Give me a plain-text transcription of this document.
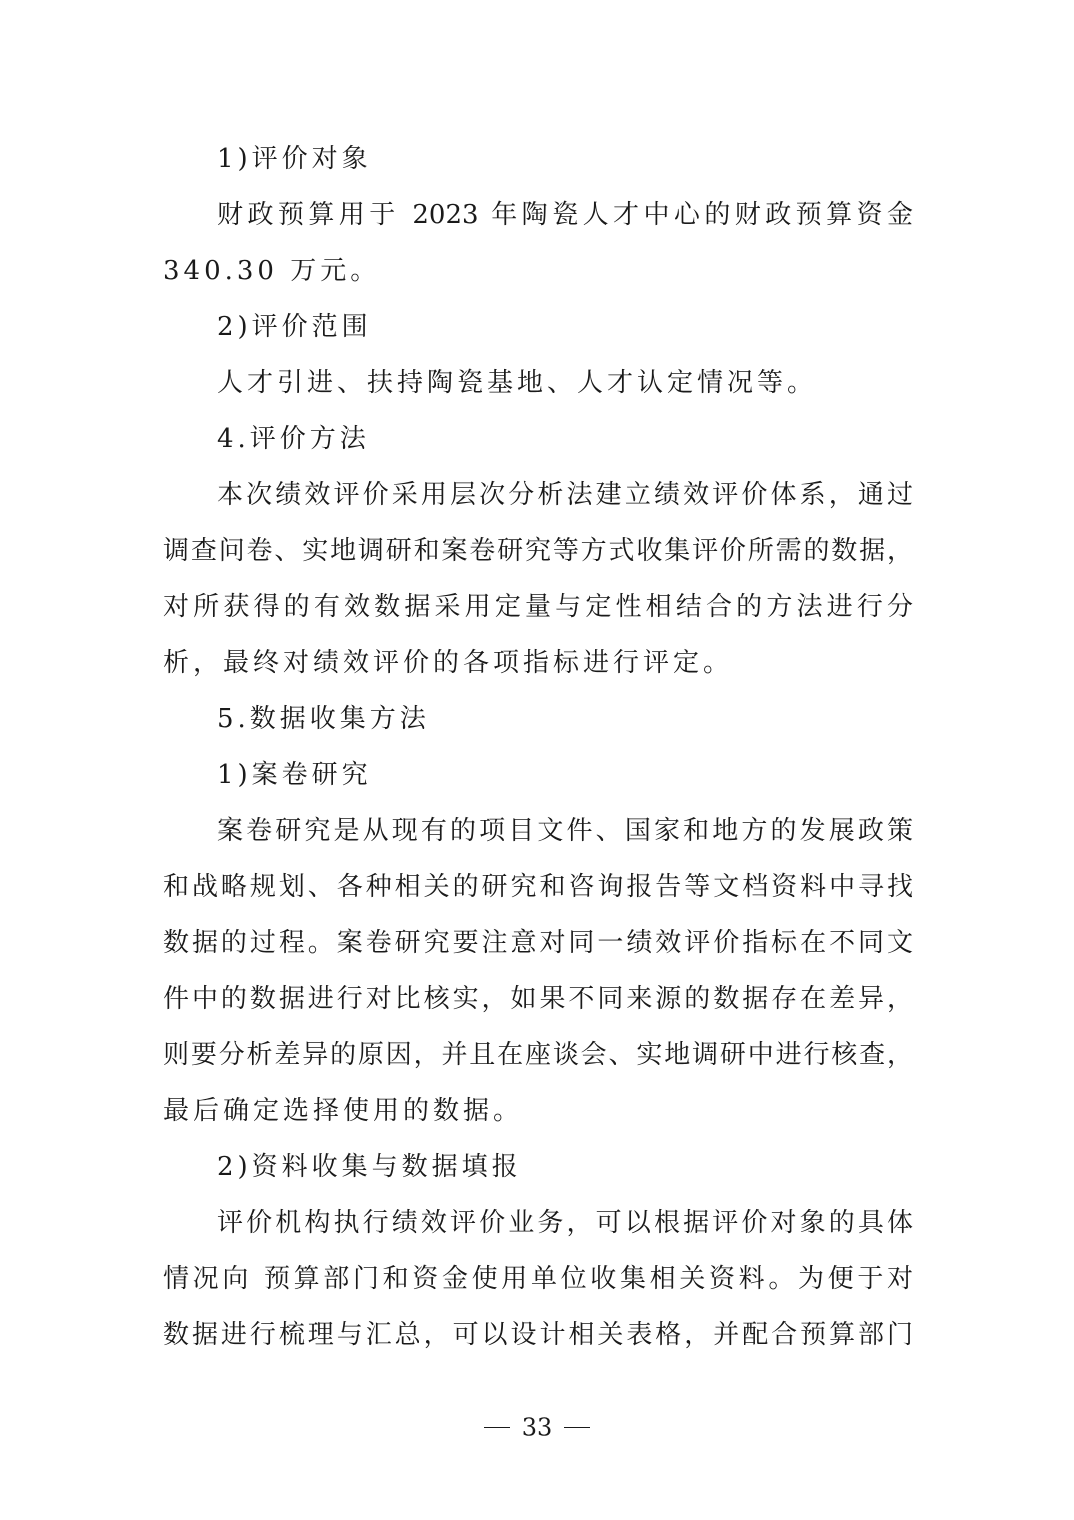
1)评价对象
财政预算用于 2023 年陶瓷人才中心的财政预算资金
340.30 万元。
2)评价范围
人才引进、扶持陶瓷基地、人才认定情况等。
4.评价方法
本次绩效评价采用层次分析法建立绩效评价体系，通过
调查问卷、实地调研和案卷研究等方式收集评价所需的数据，
对所获得的有效数据采用定量与定性相结合的方法进行分
析，最终对绩效评价的各项指标进行评定。
5.数据收集方法
1)案卷研究
案卷研究是从现有的项目文件、国家和地方的发展政策
和战略规划、各种相关的研究和咨询报告等文档资料中寻找
数据的过程。案卷研究要注意对同一绩效评价指标在不同文
件中的数据进行对比核实，如果不同来源的数据存在差异，
则要分析差异的原因，并且在座谈会、实地调研中进行核查，
最后确定选择使用的数据。
2)资料收集与数据填报
评价机构执行绩效评价业务，可以根据评价对象的具体
情况向 预算部门和资金使用单位收集相关资料。为便于对
数据进行梳理与汇总，可以设计相关表格，并配合预算部门
33
